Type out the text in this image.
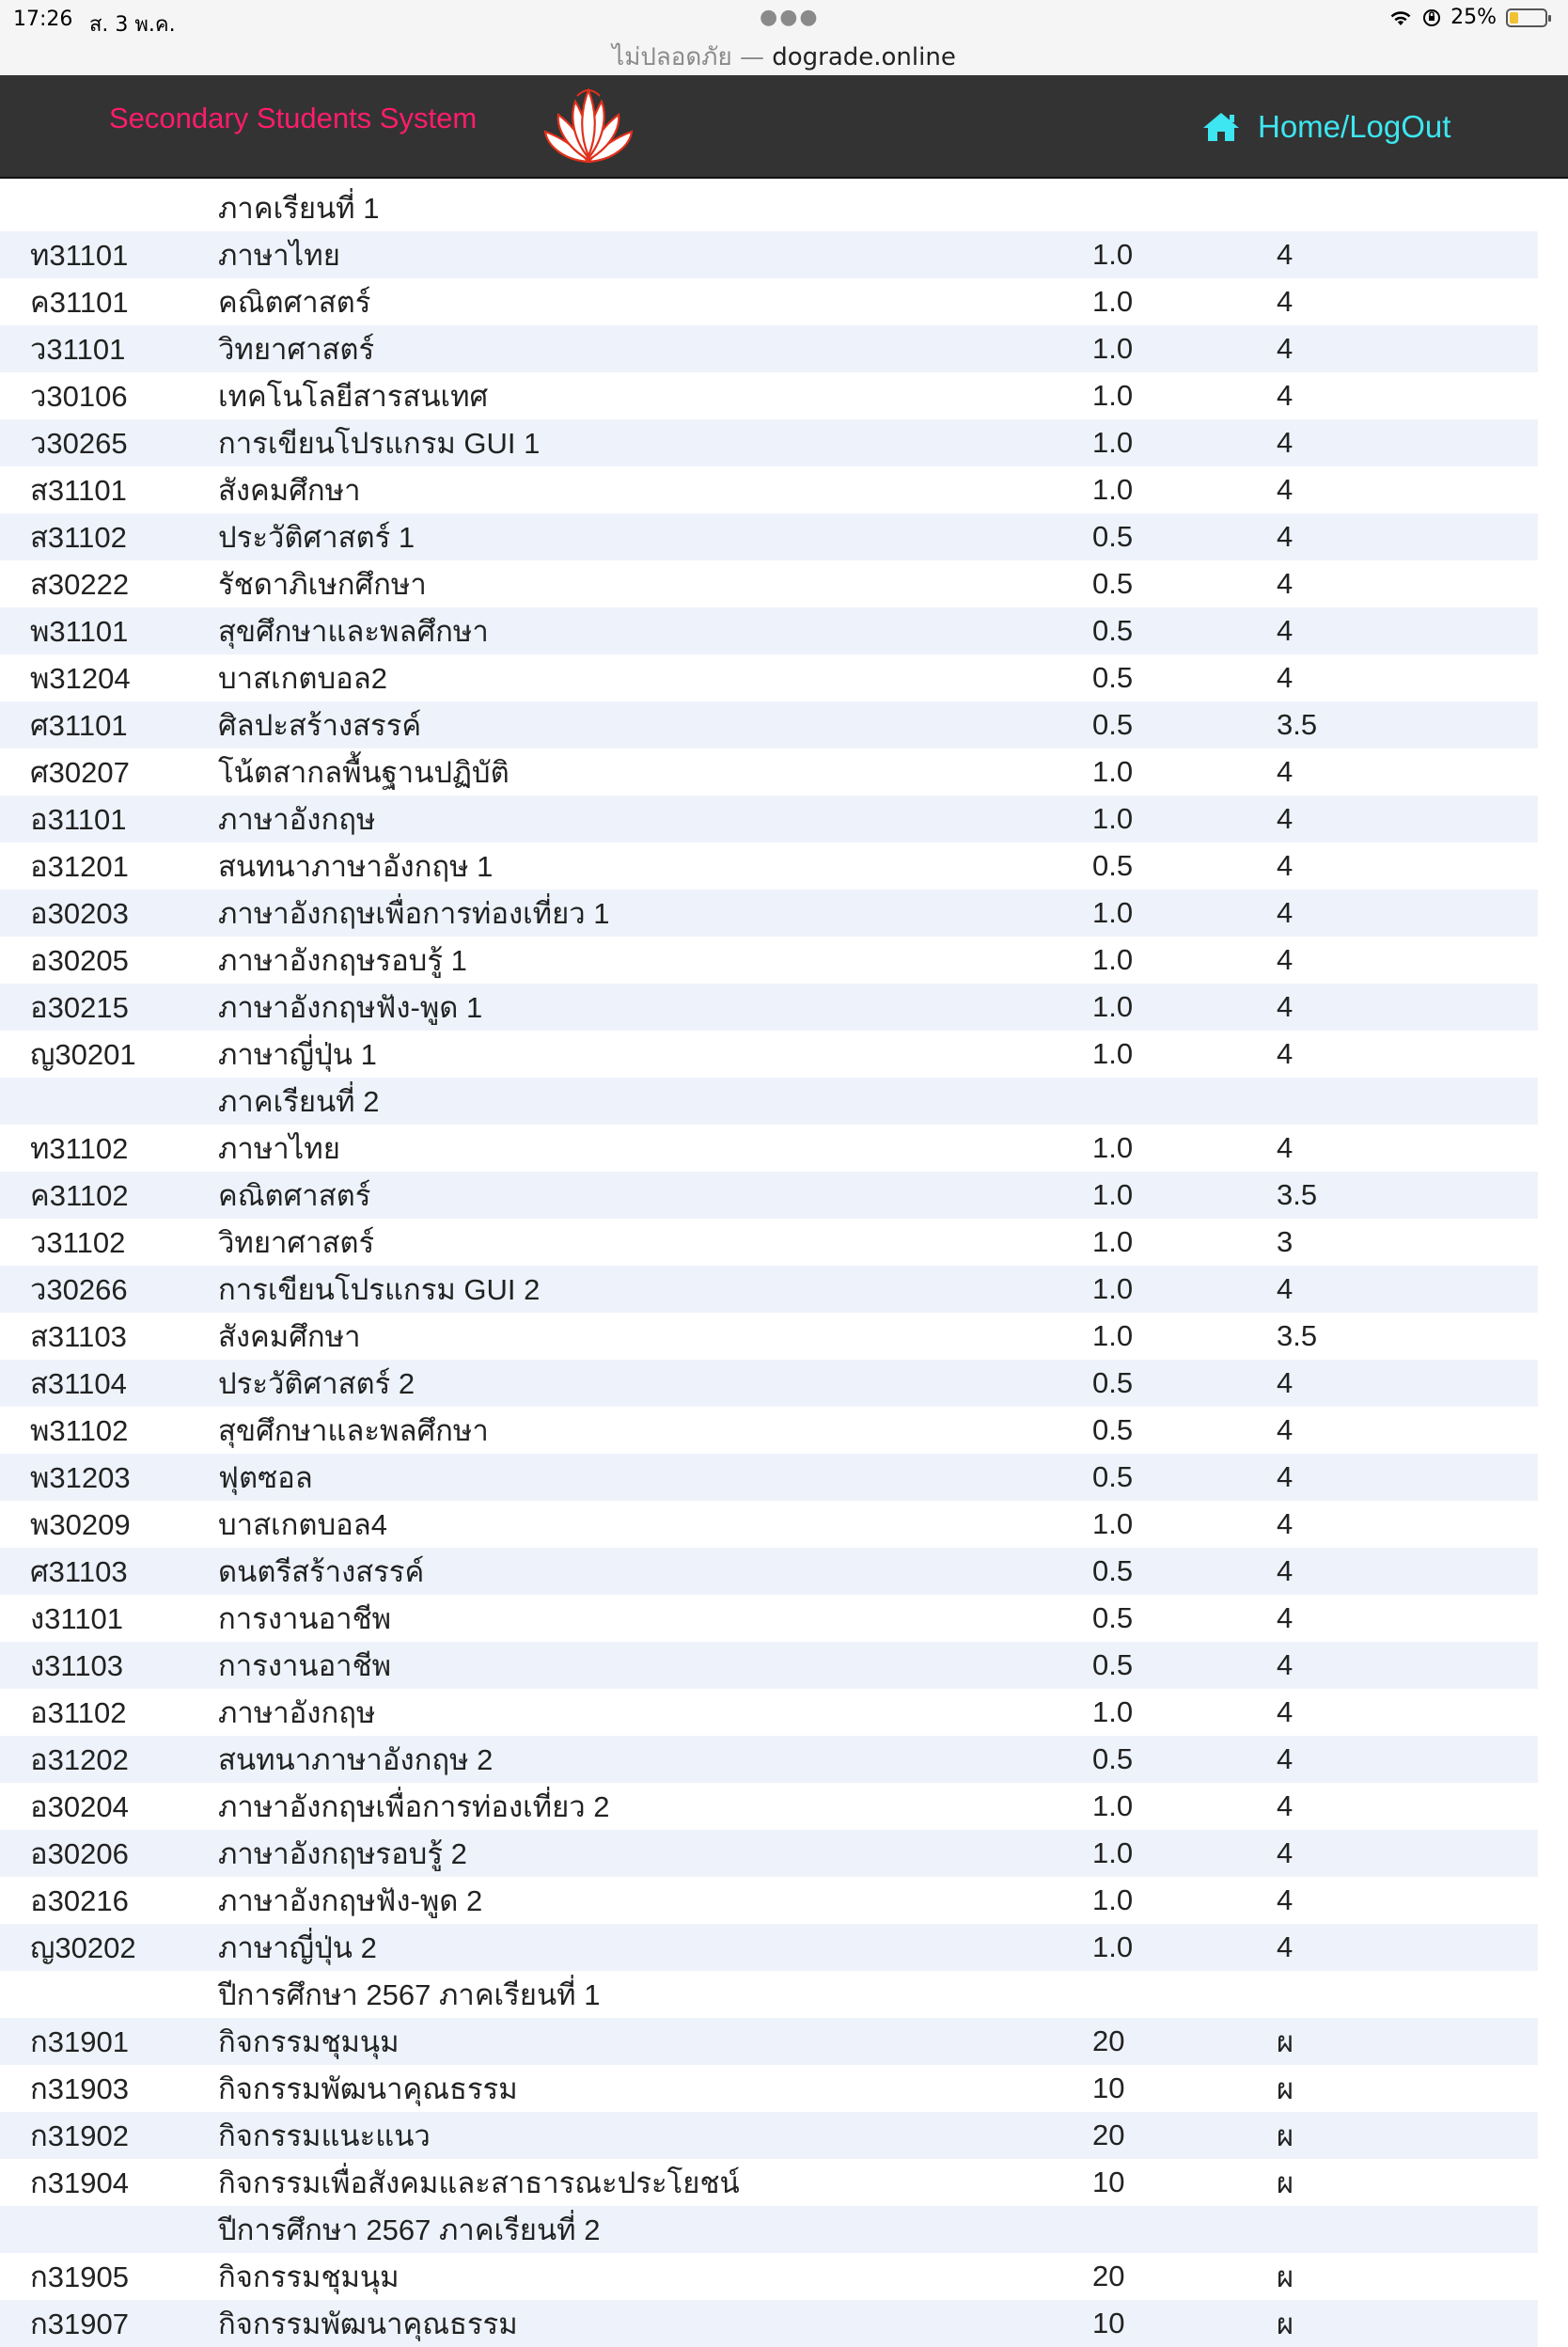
17:26 ส. 3 พ.ค.	●●●	25%
ไม่ปลอดภัย — dograde.online
Secondary Students System	Home/LogOut
	ภาคเรียนที่ 1		
ท31101	ภาษาไทย	1.0	4
ค31101	คณิตศาสตร์	1.0	4
ว31101	วิทยาศาสตร์	1.0	4
ว30106	เทคโนโลยีสารสนเทศ	1.0	4
ว30265	การเขียนโปรแกรม GUI 1	1.0	4
ส31101	สังคมศึกษา	1.0	4
ส31102	ประวัติศาสตร์ 1	0.5	4
ส30222	รัชดาภิเษกศึกษา	0.5	4
พ31101	สุขศึกษาและพลศึกษา	0.5	4
พ31204	บาสเกตบอล2	0.5	4
ศ31101	ศิลปะสร้างสรรค์	0.5	3.5
ศ30207	โน้ตสากลพื้นฐานปฏิบัติ	1.0	4
อ31101	ภาษาอังกฤษ	1.0	4
อ31201	สนทนาภาษาอังกฤษ 1	0.5	4
อ30203	ภาษาอังกฤษเพื่อการท่องเที่ยว 1	1.0	4
อ30205	ภาษาอังกฤษรอบรู้ 1	1.0	4
อ30215	ภาษาอังกฤษฟัง-พูด 1	1.0	4
ญ30201	ภาษาญี่ปุ่น 1	1.0	4
	ภาคเรียนที่ 2		
ท31102	ภาษาไทย	1.0	4
ค31102	คณิตศาสตร์	1.0	3.5
ว31102	วิทยาศาสตร์	1.0	3
ว30266	การเขียนโปรแกรม GUI 2	1.0	4
ส31103	สังคมศึกษา	1.0	3.5
ส31104	ประวัติศาสตร์ 2	0.5	4
พ31102	สุขศึกษาและพลศึกษา	0.5	4
พ31203	ฟุตซอล	0.5	4
พ30209	บาสเกตบอล4	1.0	4
ศ31103	ดนตรีสร้างสรรค์	0.5	4
ง31101	การงานอาชีพ	0.5	4
ง31103	การงานอาชีพ	0.5	4
อ31102	ภาษาอังกฤษ	1.0	4
อ31202	สนทนาภาษาอังกฤษ 2	0.5	4
อ30204	ภาษาอังกฤษเพื่อการท่องเที่ยว 2	1.0	4
อ30206	ภาษาอังกฤษรอบรู้ 2	1.0	4
อ30216	ภาษาอังกฤษฟัง-พูด 2	1.0	4
ญ30202	ภาษาญี่ปุ่น 2	1.0	4
	ปีการศึกษา 2567 ภาคเรียนที่ 1		
ก31901	กิจกรรมชุมนุม	20	ผ
ก31903	กิจกรรมพัฒนาคุณธรรม	10	ผ
ก31902	กิจกรรมแนะแนว	20	ผ
ก31904	กิจกรรมเพื่อสังคมและสาธารณะประโยชน์	10	ผ
	ปีการศึกษา 2567 ภาคเรียนที่ 2		
ก31905	กิจกรรมชุมนุม	20	ผ
ก31907	กิจกรรมพัฒนาคุณธรรม	10	ผ
